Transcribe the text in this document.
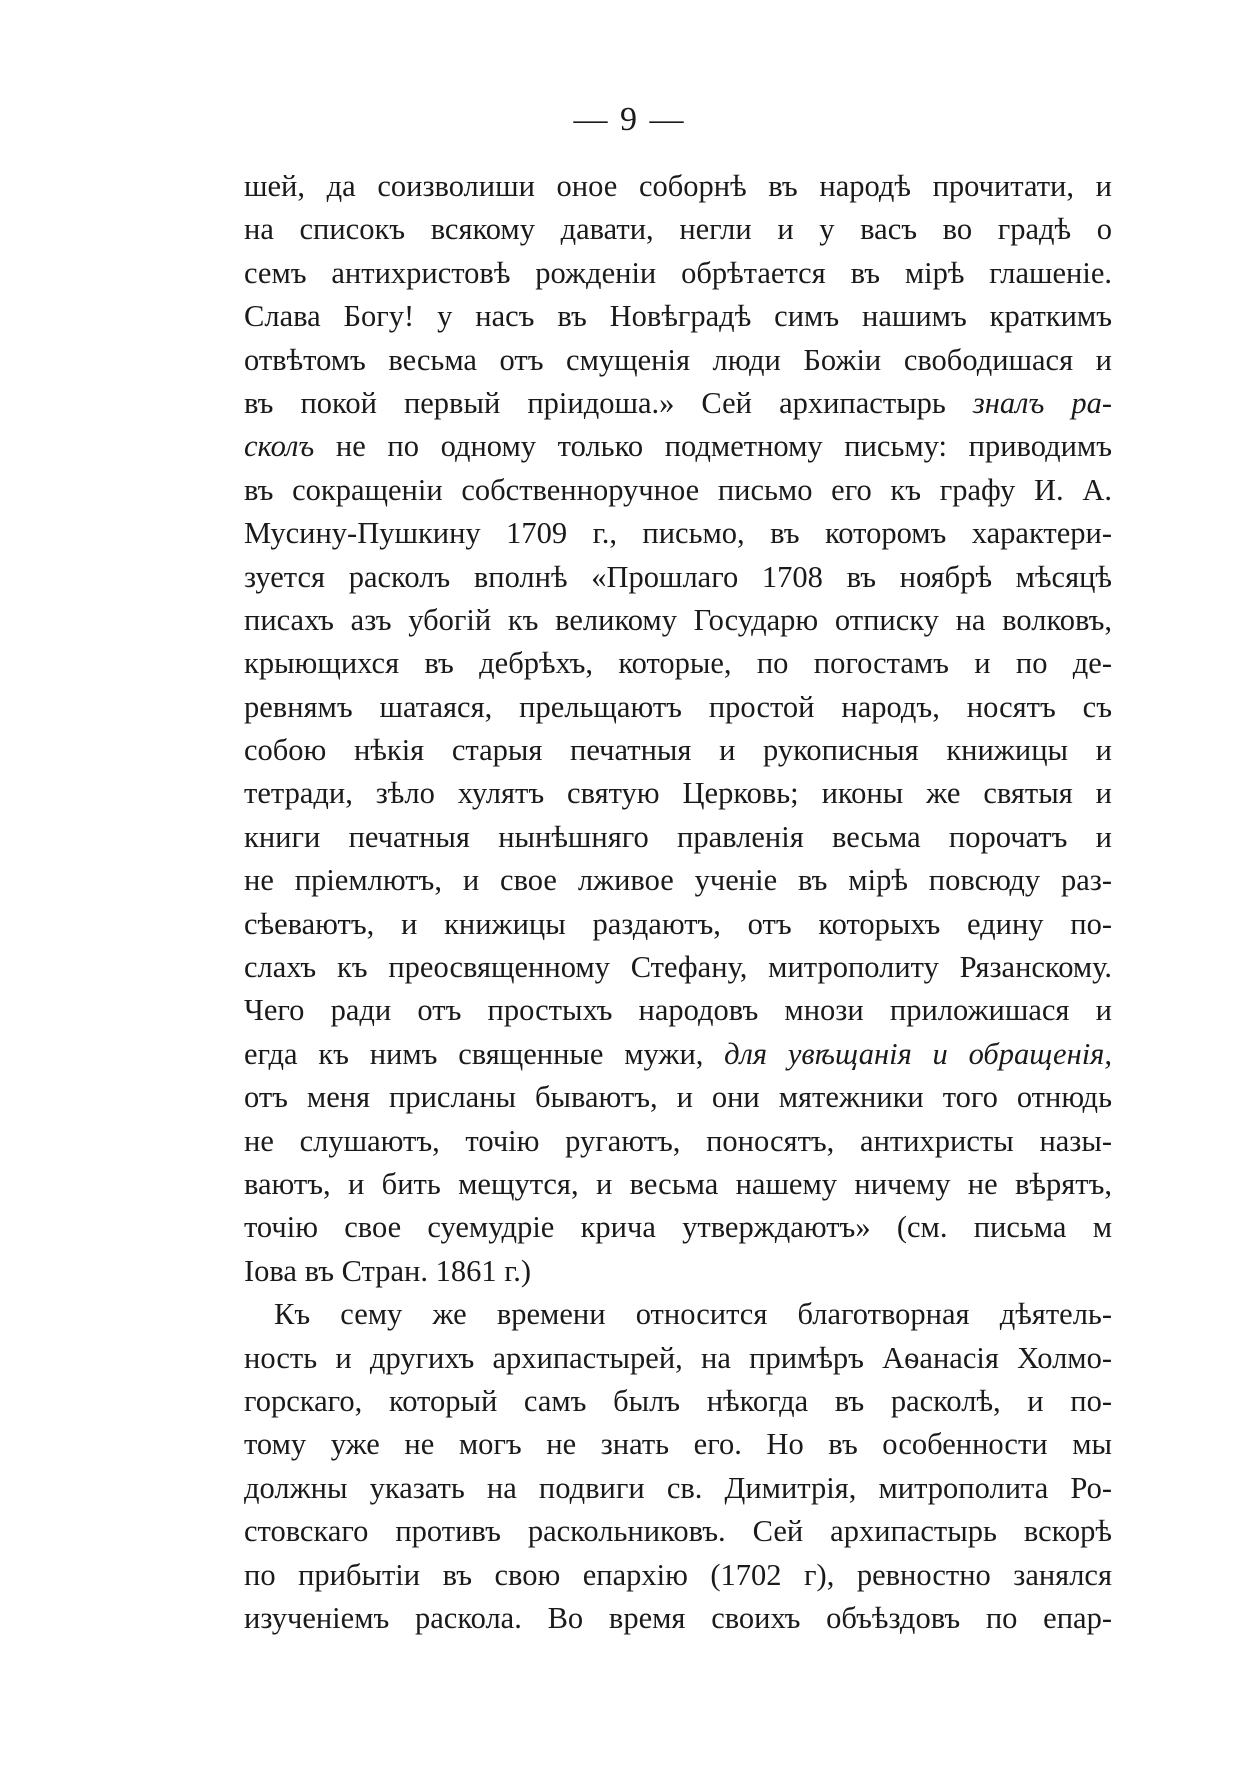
— 9 —
шей, да соизволиши оное соборнѣ въ народѣ прочитати, и
на списокъ всякому давати, негли и у васъ во градѣ о
семъ антихристовѣ рожденіи обрѣтается въ мірѣ глашеніе.
Слава Богу! у насъ въ Новѣградѣ симъ нашимъ краткимъ
отвѣтомъ весьма отъ смущенія люди Божіи свободишася и
въ покой первый пріидоша.» Сей архипастырь зналъ ра-
сколъ не по одному только подметному письму: приводимъ
въ сокращеніи собственноручное письмо его къ графу И. А.
Мусину-Пушкину 1709 г., письмо, въ которомъ характери-
зуется расколъ вполнѣ «Прошлаго 1708 въ ноябрѣ мѣсяцѣ
писахъ азъ убогій къ великому Государю отписку на волковъ,
крыющихся въ дебрѣхъ, которые, по погостамъ и по де-
ревнямъ шатаяся, прельщаютъ простой народъ, носятъ съ
собою нѣкія старыя печатныя и рукописныя книжицы и
тетради, зѣло хулятъ святую Церковь; иконы же святыя и
книги печатныя нынѣшняго правленія весьма порочатъ и
не пріемлютъ, и свое лживое ученіе въ мірѣ повсюду раз-
сѣеваютъ, и книжицы раздаютъ, отъ которыхъ едину по-
слахъ къ преосвященному Стефану, митрополиту Рязанскому.
Чего ради отъ простыхъ народовъ мнози приложишася и
егда къ нимъ священные мужи, для увѣщанія и обращенія,
отъ меня присланы бываютъ, и они мятежники того отнюдь
не слушаютъ, точію ругаютъ, поносятъ, антихристы назы-
ваютъ, и бить мещутся, и весьма нашему ничему не вѣрятъ,
точію свое суемудріе крича утверждаютъ» (см. письма м
Іова въ Стран. 1861 г.)
Къ сему же времени относится благотворная дѣятель-
ность и другихъ архипастырей, на примѣръ Аѳанасія Холмо-
горскаго, который самъ былъ нѣкогда въ расколѣ, и по-
тому уже не могъ не знать его. Но въ особенности мы
должны указать на подвиги св. Димитрія, митрополита Ро-
стовскаго противъ раскольниковъ. Сей архипастырь вскорѣ
по прибытіи въ свою епархію (1702 г), ревностно занялся
изученіемъ раскола. Во время своихъ объѣздовъ по епар-
